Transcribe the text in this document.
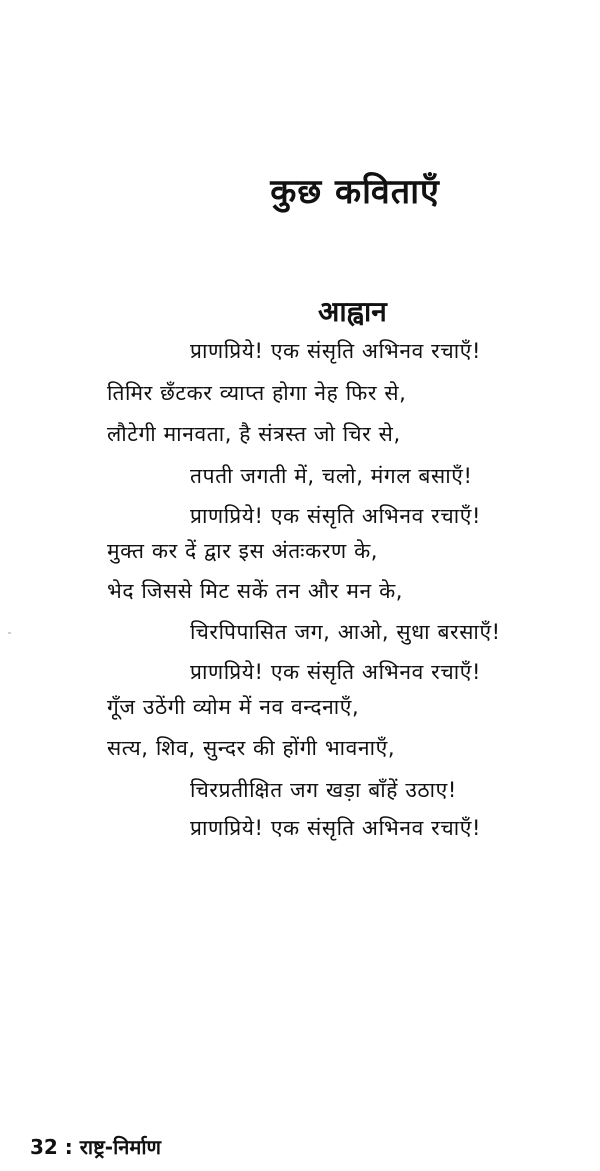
कुछ कविताएँ
आह्वान
प्राणप्रिये! एक संसृति अभिनव रचाएँ!
तिमिर छँटकर व्याप्त होगा नेह फिर से,
लौटेगी मानवता, है संत्रस्त जो चिर से,
तपती जगती में, चलो, मंगल बसाएँ!
प्राणप्रिये! एक संसृति अभिनव रचाएँ!
मुक्त कर दें द्वार इस अंतःकरण के,
भेद जिससे मिट सकें तन और मन के,
चिरपिपासित जग, आओ, सुधा बरसाएँ!
प्राणप्रिये! एक संसृति अभिनव रचाएँ!
गूँज उठेंगी व्योम में नव वन्दनाएँ,
सत्य, शिव, सुन्दर की होंगी भावनाएँ,
चिरप्रतीक्षित जग खड़ा बाँहें उठाए!
प्राणप्रिये! एक संसृति अभिनव रचाएँ!
32 : राष्ट्र-निर्माण
